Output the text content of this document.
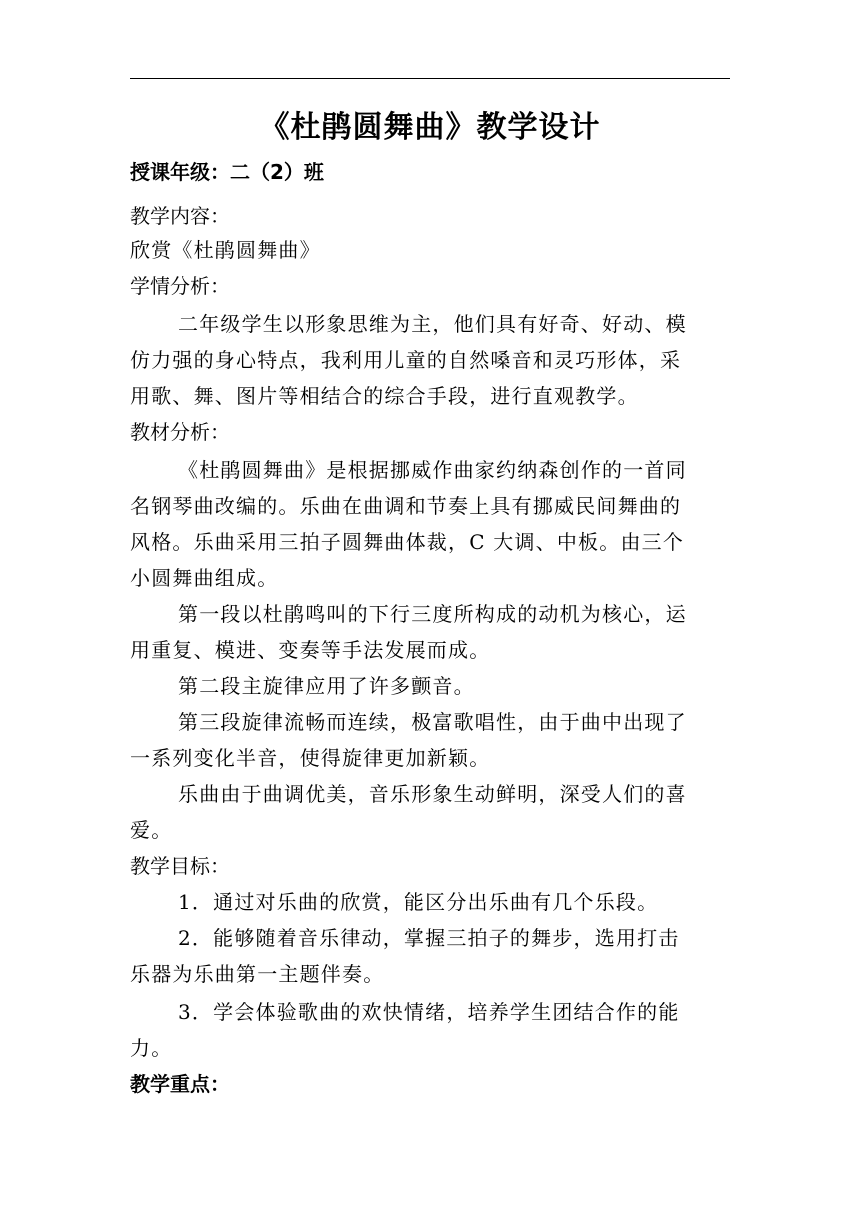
《杜鹃圆舞曲》教学设计
授课年级：二（2）班
教学内容：
欣赏《杜鹃圆舞曲》
学情分析：
二年级学生以形象思维为主，他们具有好奇、好动、模
仿力强的身心特点，我利用儿童的自然嗓音和灵巧形体，采
用歌、舞、图片等相结合的综合手段，进行直观教学。
教材分析：
《杜鹃圆舞曲》是根据挪威作曲家约纳森创作的一首同
名钢琴曲改编的。乐曲在曲调和节奏上具有挪威民间舞曲的
风格。乐曲采用三拍子圆舞曲体裁，C 大调、中板。由三个
小圆舞曲组成。
第一段以杜鹃鸣叫的下行三度所构成的动机为核心，运
用重复、模进、变奏等手法发展而成。
第二段主旋律应用了许多颤音。
第三段旋律流畅而连续，极富歌唱性，由于曲中出现了
一系列变化半音，使得旋律更加新颖。
乐曲由于曲调优美，音乐形象生动鲜明，深受人们的喜
爱。
教学目标：
1．通过对乐曲的欣赏，能区分出乐曲有几个乐段。
2．能够随着音乐律动，掌握三拍子的舞步，选用打击
乐器为乐曲第一主题伴奏。
3．学会体验歌曲的欢快情绪，培养学生团结合作的能
力。
教学重点：
